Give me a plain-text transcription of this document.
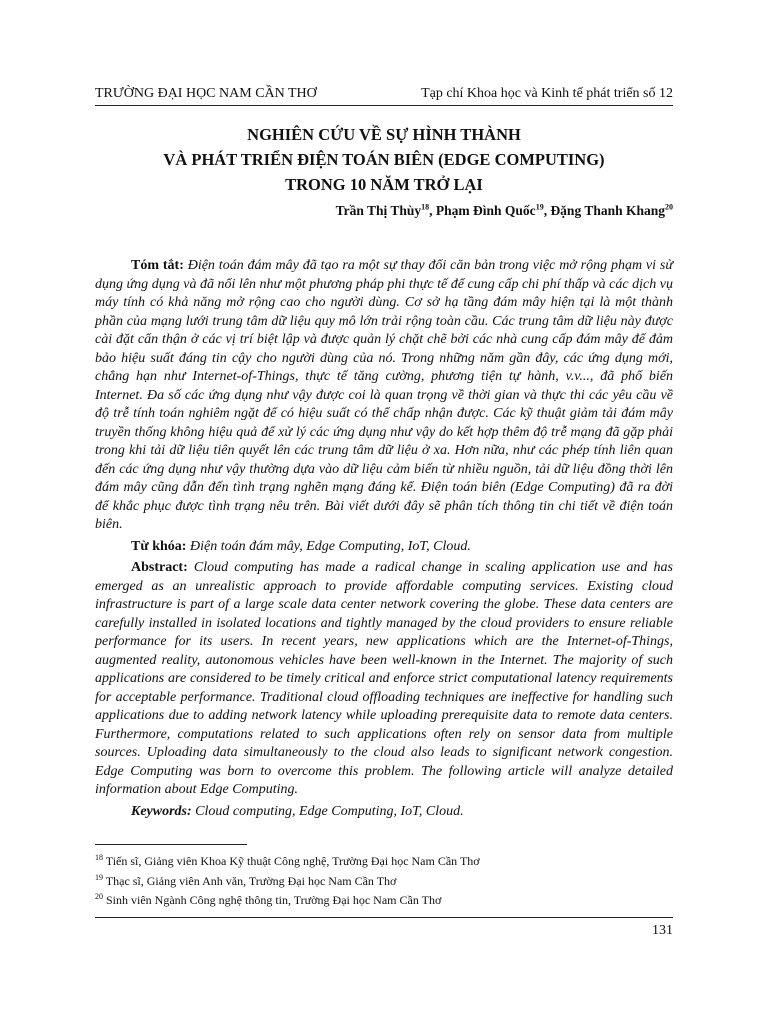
TRƯỜNG ĐẠI HỌC NAM CẦN THƠ	Tạp chí Khoa học và Kinh tế phát triển số 12
NGHIÊN CỨU VỀ SỰ HÌNH THÀNH
VÀ PHÁT TRIỂN ĐIỆN TOÁN BIÊN (EDGE COMPUTING)
TRONG 10 NĂM TRỞ LẠI
Trần Thị Thùy$^{18}$, Phạm Đình Quốc$^{19}$, Đặng Thanh Khang$^{20}$

Tóm tắt: Điện toán đám mây đã tạo ra một sự thay đổi căn bản trong việc mở rộng phạm vi sử dụng ứng dụng và đã nổi lên như một phương pháp phi thực tế để cung cấp chi phí thấp và các dịch vụ máy tính có khả năng mở rộng cao cho người dùng. Cơ sở hạ tầng đám mây hiện tại là một thành phần của mạng lưới trung tâm dữ liệu quy mô lớn trải rộng toàn cầu. Các trung tâm dữ liệu này được cài đặt cẩn thận ở các vị trí biệt lập và được quản lý chặt chẽ bởi các nhà cung cấp đám mây để đảm bảo hiệu suất đáng tin cậy cho người dùng của nó. Trong những năm gần đây, các ứng dụng mới, chẳng hạn như Internet-of-Things, thực tế tăng cường, phương tiện tự hành, v.v..., đã phổ biến Internet. Đa số các ứng dụng như vậy được coi là quan trọng về thời gian và thực thi các yêu cầu về độ trễ tính toán nghiêm ngặt để có hiệu suất có thể chấp nhận được. Các kỹ thuật giảm tải đám mây truyền thống không hiệu quả để xử lý các ứng dụng như vậy do kết hợp thêm độ trễ mạng đã gặp phải trong khi tải dữ liệu tiên quyết lên các trung tâm dữ liệu ở xa. Hơn nữa, như các phép tính liên quan đến các ứng dụng như vậy thường dựa vào dữ liệu cảm biến từ nhiều nguồn, tải dữ liệu đồng thời lên đám mây cũng dẫn đến tình trạng nghẽn mạng đáng kể. Điện toán biên (Edge Computing) đã ra đời để khắc phục được tình trạng nêu trên. Bài viết dưới đây sẽ phân tích thông tin chi tiết về điện toán biên.

Từ khóa: Điện toán đám mây, Edge Computing, IoT, Cloud.

Abstract: Cloud computing has made a radical change in scaling application use and has emerged as an unrealistic approach to provide affordable computing services. Existing cloud infrastructure is part of a large scale data center network covering the globe. These data centers are carefully installed in isolated locations and tightly managed by the cloud providers to ensure reliable performance for its users. In recent years, new applications which are the Internet-of-Things, augmented reality, autonomous vehicles have been well-known in the Internet. The majority of such applications are considered to be timely critical and enforce strict computational latency requirements for acceptable performance. Traditional cloud offloading techniques are ineffective for handling such applications due to adding network latency while uploading prerequisite data to remote data centers. Furthermore, computations related to such applications often rely on sensor data from multiple sources. Uploading data simultaneously to the cloud also leads to significant network congestion. Edge Computing was born to overcome this problem. The following article will analyze detailed information about Edge Computing.

Keywords: Cloud computing, Edge Computing, IoT, Cloud.

$^{18}$ Tiến sĩ, Giảng viên Khoa Kỹ thuật Công nghệ, Trường Đại học Nam Cần Thơ
$^{19}$ Thạc sĩ, Giảng viên Anh văn, Trường Đại học Nam Cần Thơ
$^{20}$ Sinh viên Ngành Công nghệ thông tin, Trường Đại học Nam Cần Thơ
131
